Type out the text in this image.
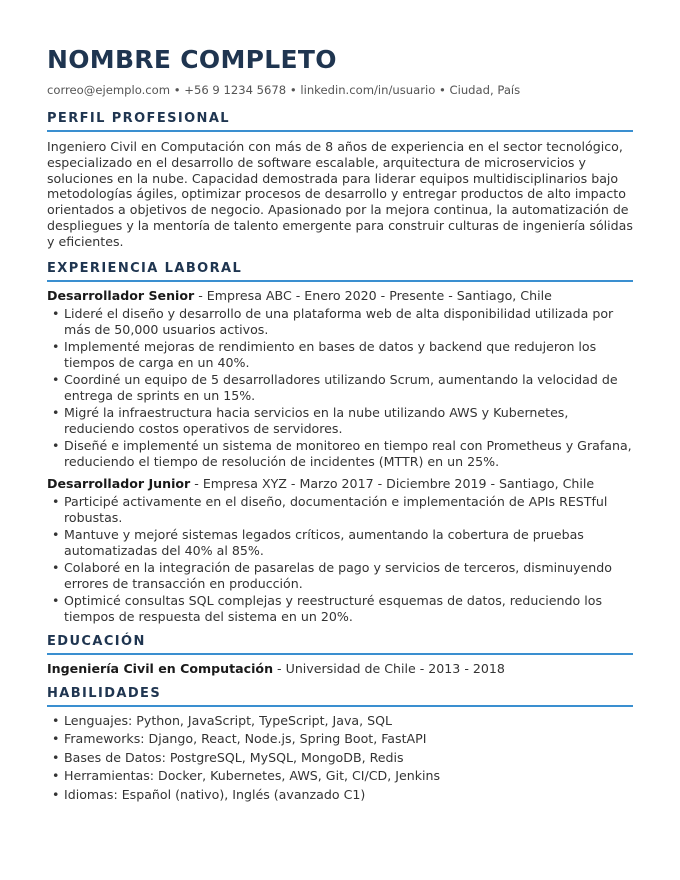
NOMBRE COMPLETO
correo@ejemplo.com • +56 9 1234 5678 • linkedin.com/in/usuario • Ciudad, País
PERFIL PROFESIONAL
Ingeniero Civil en Computación con más de 8 años de experiencia en el sector tecnológico, especializado en el desarrollo de software escalable, arquitectura de microservicios y soluciones en la nube. Capacidad demostrada para liderar equipos multidisciplinarios bajo metodologías ágiles, optimizar procesos de desarrollo y entregar productos de alto impacto orientados a objetivos de negocio. Apasionado por la mejora continua, la automatización de despliegues y la mentoría de talento emergente para construir culturas de ingeniería sólidas y eficientes.
EXPERIENCIA LABORAL
Desarrollador Senior - Empresa ABC - Enero 2020 - Presente - Santiago, Chile
• Lideré el diseño y desarrollo de una plataforma web de alta disponibilidad utilizada por más de 50,000 usuarios activos.
• Implementé mejoras de rendimiento en bases de datos y backend que redujeron los tiempos de carga en un 40%.
• Coordiné un equipo de 5 desarrolladores utilizando Scrum, aumentando la velocidad de entrega de sprints en un 15%.
• Migré la infraestructura hacia servicios en la nube utilizando AWS y Kubernetes, reduciendo costos operativos de servidores.
• Diseñé e implementé un sistema de monitoreo en tiempo real con Prometheus y Grafana, reduciendo el tiempo de resolución de incidentes (MTTR) en un 25%.
Desarrollador Junior - Empresa XYZ - Marzo 2017 - Diciembre 2019 - Santiago, Chile
• Participé activamente en el diseño, documentación e implementación de APIs RESTful robustas.
• Mantuve y mejoré sistemas legados críticos, aumentando la cobertura de pruebas automatizadas del 40% al 85%.
• Colaboré en la integración de pasarelas de pago y servicios de terceros, disminuyendo errores de transacción en producción.
• Optimicé consultas SQL complejas y reestructuré esquemas de datos, reduciendo los tiempos de respuesta del sistema en un 20%.
EDUCACIÓN
Ingeniería Civil en Computación - Universidad de Chile - 2013 - 2018
HABILIDADES
• Lenguajes: Python, JavaScript, TypeScript, Java, SQL
• Frameworks: Django, React, Node.js, Spring Boot, FastAPI
• Bases de Datos: PostgreSQL, MySQL, MongoDB, Redis
• Herramientas: Docker, Kubernetes, AWS, Git, CI/CD, Jenkins
• Idiomas: Español (nativo), Inglés (avanzado C1)
